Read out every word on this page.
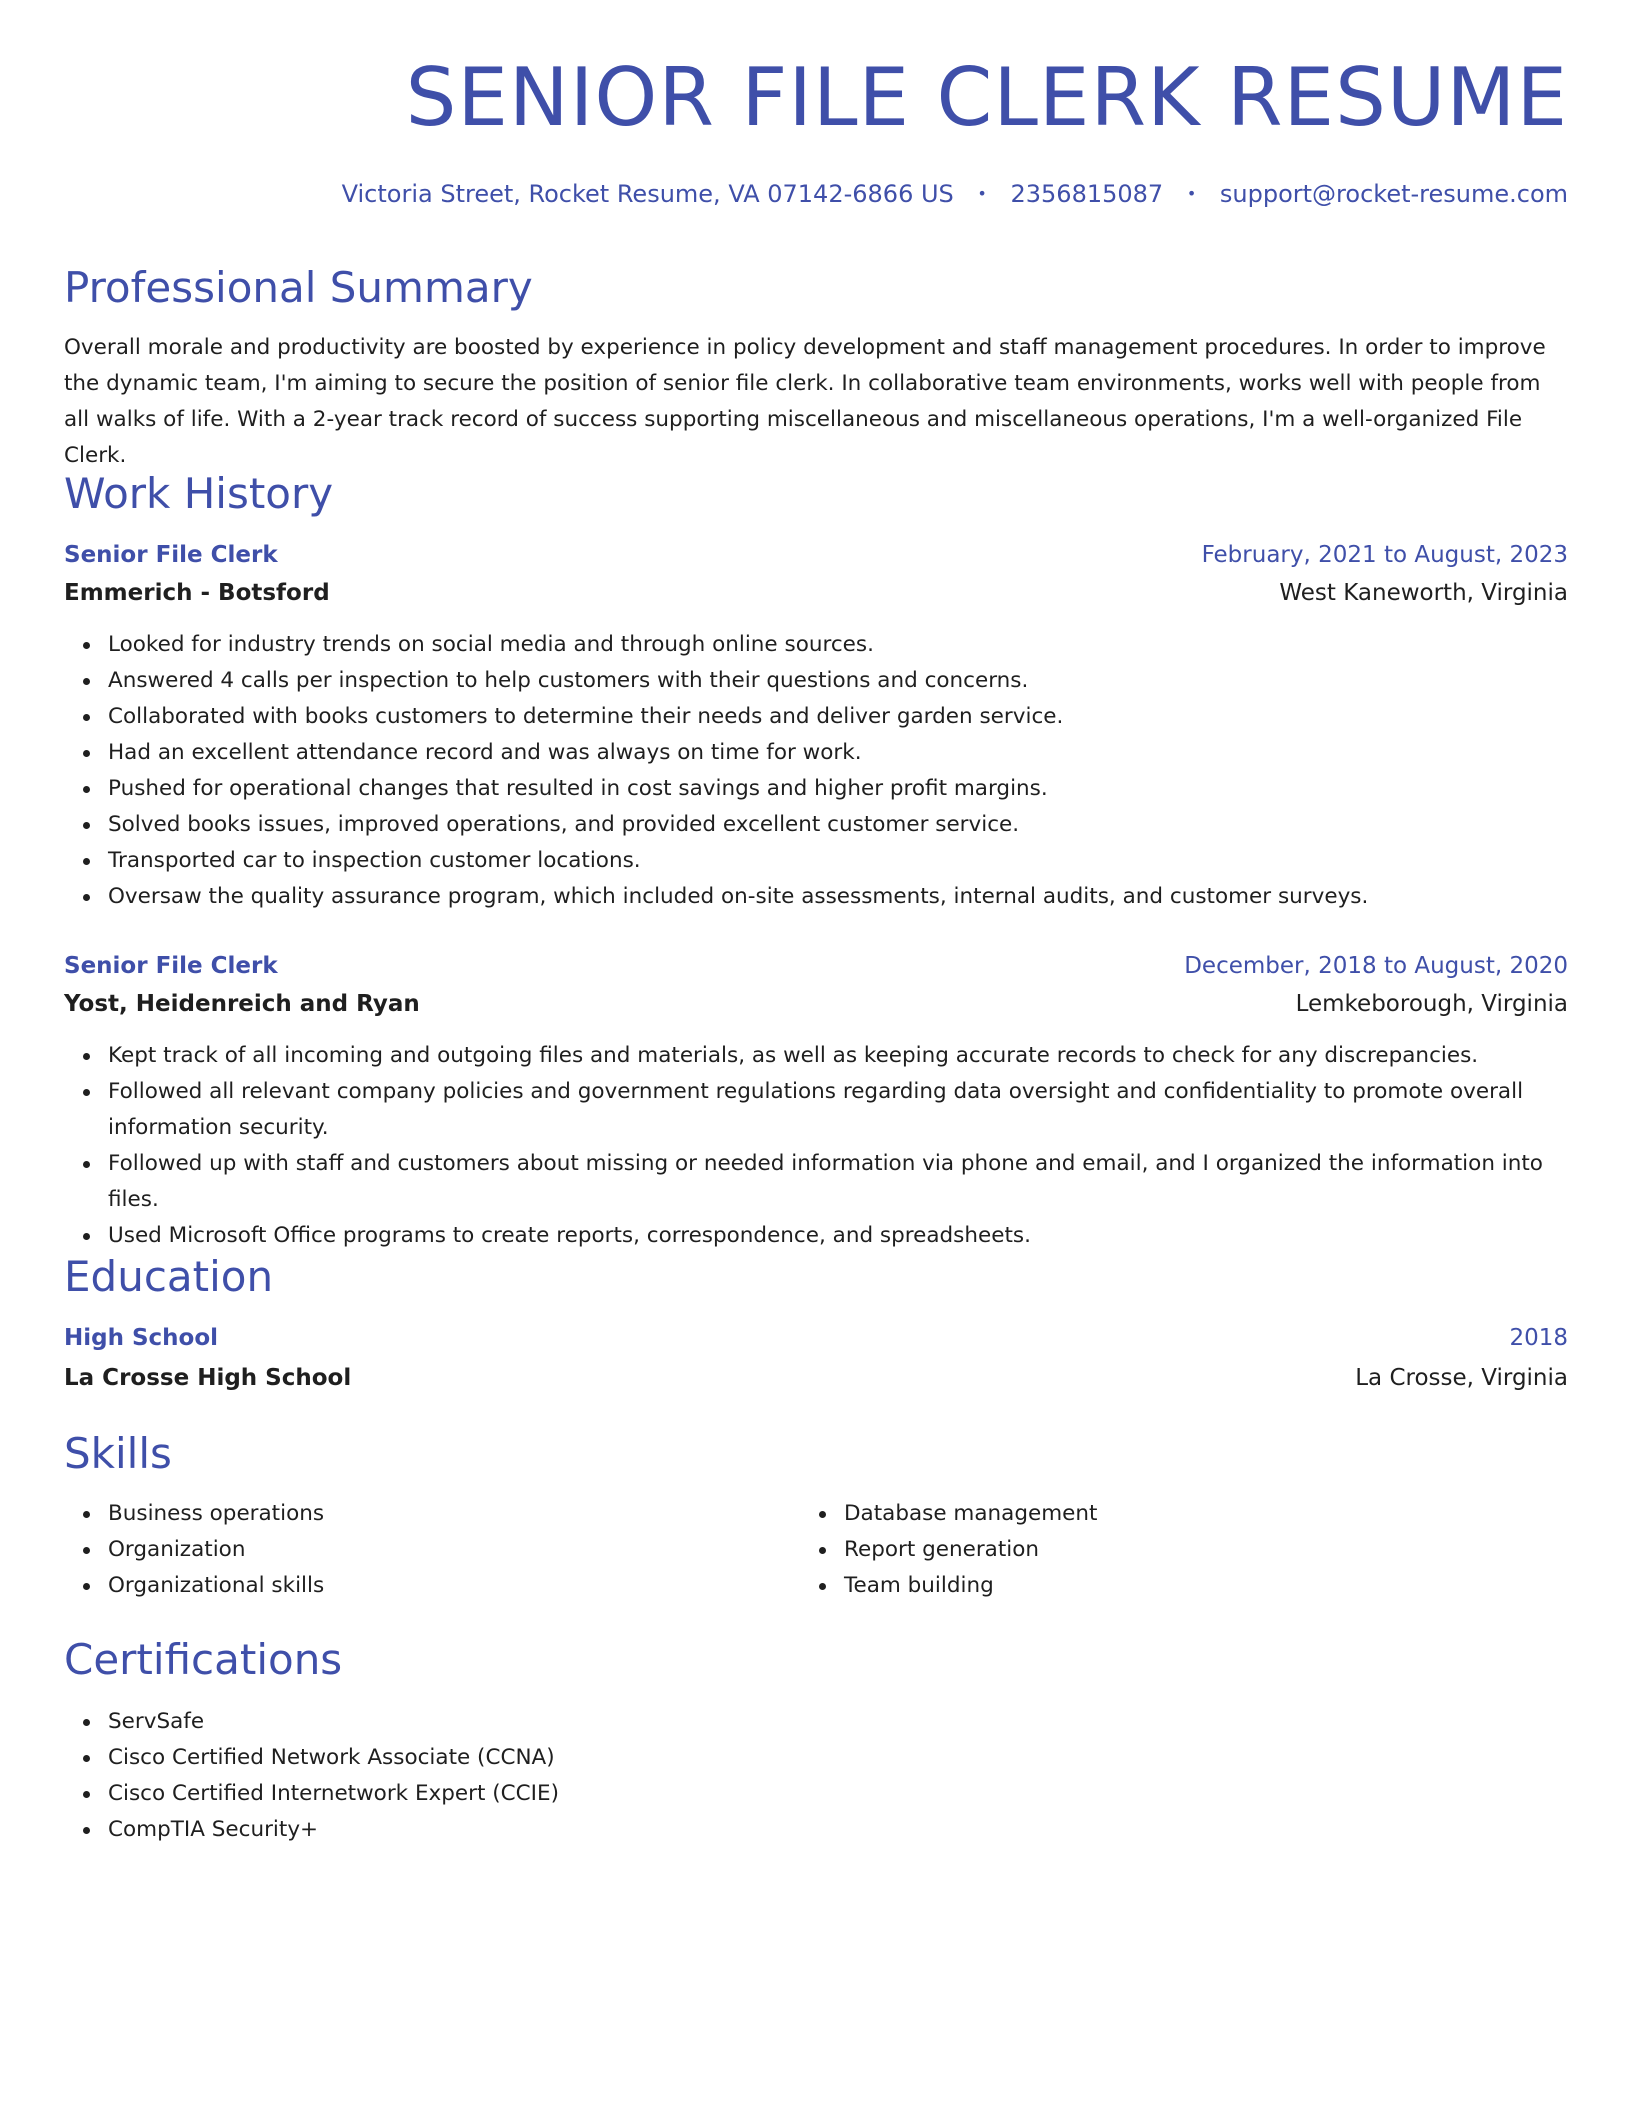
SENIOR FILE CLERK RESUME
Victoria Street, Rocket Resume, VA 07142-6866 US • 2356815087 • support@rocket-resume.com
Professional Summary

Overall morale and productivity are boosted by experience in policy development and staff management procedures. In order to improve the dynamic team, I'm aiming to secure the position of senior file clerk. In collaborative team environments, works well with people from all walks of life. With a 2-year track record of success supporting miscellaneous and miscellaneous operations, I'm a well-organized File Clerk.

Work History
Senior File Clerk	February, 2021 to August, 2023
Emmerich - Botsford	West Kaneworth, Virginia
Looked for industry trends on social media and through online sources.
Answered 4 calls per inspection to help customers with their questions and concerns.
Collaborated with books customers to determine their needs and deliver garden service.
Had an excellent attendance record and was always on time for work.
Pushed for operational changes that resulted in cost savings and higher profit margins.
Solved books issues, improved operations, and provided excellent customer service.
Transported car to inspection customer locations.
Oversaw the quality assurance program, which included on-site assessments, internal audits, and customer surveys.
Senior File Clerk	December, 2018 to August, 2020
Yost, Heidenreich and Ryan	Lemkeborough, Virginia
Kept track of all incoming and outgoing files and materials, as well as keeping accurate records to check for any discrepancies.
Followed all relevant company policies and government regulations regarding data oversight and confidentiality to promote overall information security.
Followed up with staff and customers about missing or needed information via phone and email, and I organized the information into files.
Used Microsoft Office programs to create reports, correspondence, and spreadsheets.
Education
High School	2018
La Crosse High School	La Crosse, Virginia
Skills
Business operations
Organization
Organizational skills
Database management
Report generation
Team building
Certifications
ServSafe
Cisco Certified Network Associate (CCNA)
Cisco Certified Internetwork Expert (CCIE)
CompTIA Security+
